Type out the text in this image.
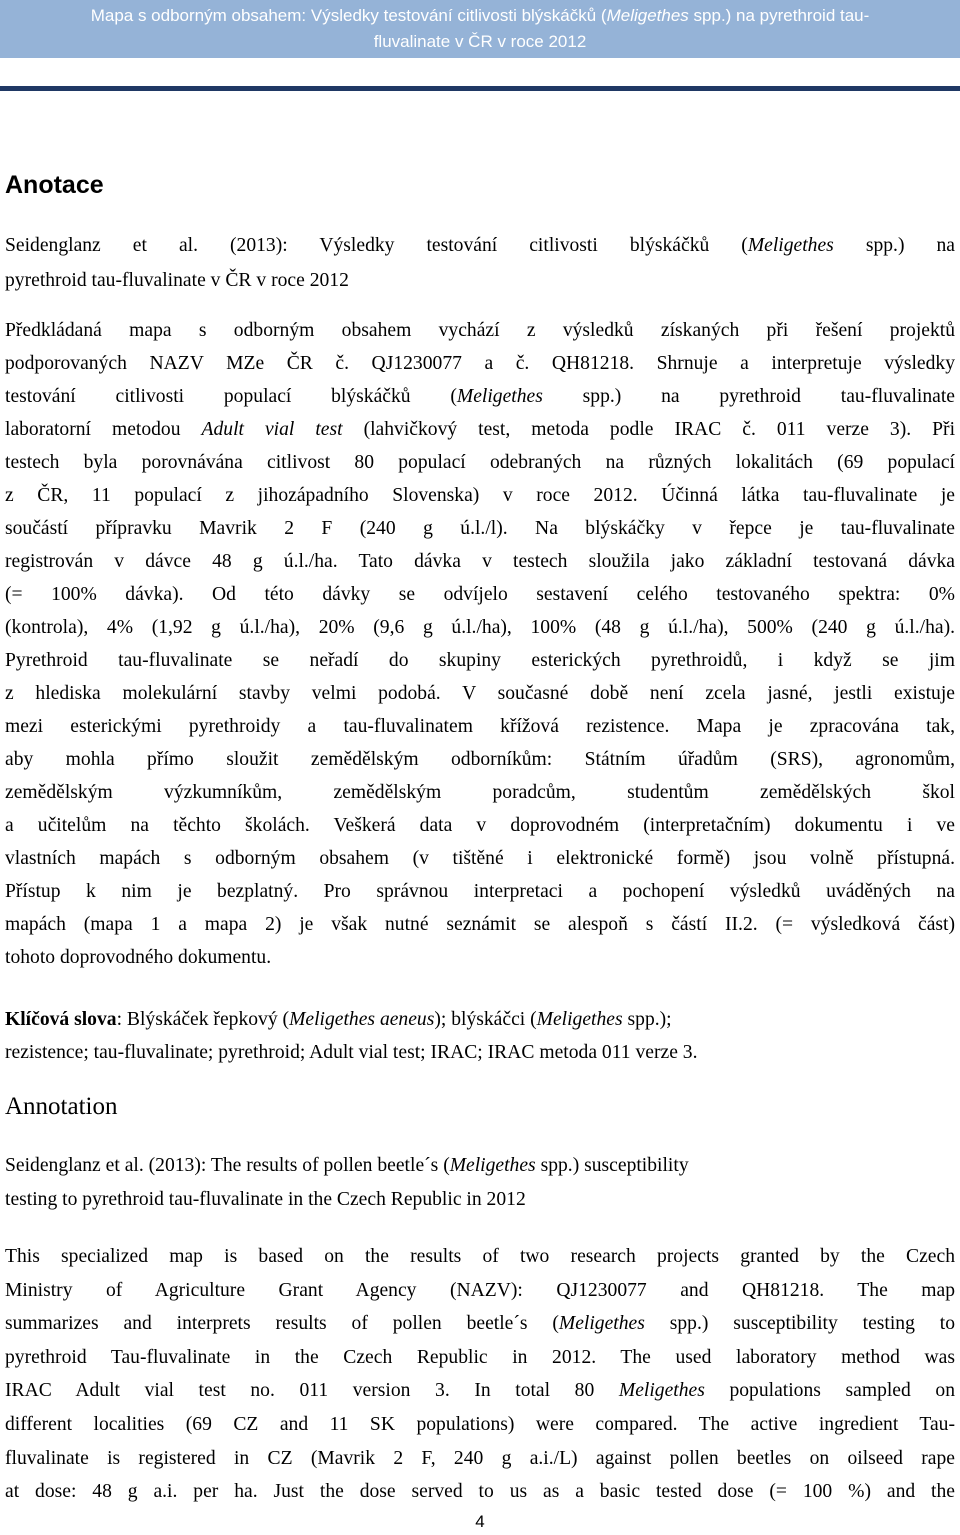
Mapa s odborným obsahem: Výsledky testování citlivosti blýskáčků (Meligethes spp.) na pyrethroid tau-
fluvalinate v ČR v roce 2012
Anotace
Seidenglanz et al. (2013): Výsledky testování citlivosti blýskáčků (Meligethes spp.) na
pyrethroid tau-fluvalinate v ČR v roce 2012
Předkládaná mapa s odborným obsahem vychází z výsledků získaných při řešení projektů
podporovaných NAZV MZe ČR č. QJ1230077 a č. QH81218. Shrnuje a interpretuje výsledky
testování citlivosti populací blýskáčků (Meligethes spp.) na pyrethroid tau-fluvalinate
laboratorní metodou Adult vial test (lahvičkový test, metoda podle IRAC č. 011 verze 3). Při
testech byla porovnávána citlivost 80 populací odebraných na různých lokalitách (69 populací
z ČR, 11 populací z jihozápadního Slovenska) v roce 2012. Účinná látka tau-fluvalinate je
součástí přípravku Mavrik 2 F (240 g ú.l./l). Na blýskáčky v řepce je tau-fluvalinate
registrován v dávce 48 g ú.l./ha. Tato dávka v testech sloužila jako základní testovaná dávka
(= 100% dávka). Od této dávky se odvíjelo sestavení celého testovaného spektra: 0%
(kontrola), 4% (1,92 g ú.l./ha), 20% (9,6 g ú.l./ha), 100% (48 g ú.l./ha), 500% (240 g ú.l./ha).
Pyrethroid tau-fluvalinate se neřadí do skupiny esterických pyrethroidů, i když se jim
z hlediska molekulární stavby velmi podobá. V současné době není zcela jasné, jestli existuje
mezi esterickými pyrethroidy a tau-fluvalinatem křížová rezistence. Mapa je zpracována tak,
aby mohla přímo sloužit zemědělským odborníkům: Státním úřadům (SRS), agronomům,
zemědělským výzkumníkům, zemědělským poradcům, studentům zemědělských škol
a učitelům na těchto školách. Veškerá data v doprovodném (interpretačním) dokumentu i ve
vlastních mapách s odborným obsahem (v tištěné i elektronické formě) jsou volně přístupná.
Přístup k nim je bezplatný. Pro správnou interpretaci a pochopení výsledků uváděných na
mapách (mapa 1 a mapa 2) je však nutné seznámit se alespoň s částí II.2. (= výsledková část)
tohoto doprovodného dokumentu.
Klíčová slova: Blýskáček řepkový (Meligethes aeneus); blýskáčci (Meligethes spp.);
rezistence; tau-fluvalinate; pyrethroid; Adult vial test; IRAC; IRAC metoda 011 verze 3.
Annotation
Seidenglanz et al. (2013): The results of pollen beetle´s (Meligethes spp.) susceptibility
testing to pyrethroid tau-fluvalinate in the Czech Republic in 2012
This specialized map is based on the results of two research projects granted by the Czech
Ministry of Agriculture Grant Agency (NAZV): QJ1230077 and QH81218. The map
summarizes and interprets results of pollen beetle´s (Meligethes spp.) susceptibility testing to
pyrethroid Tau-fluvalinate in the Czech Republic in 2012. The used laboratory method was
IRAC Adult vial test no. 011 version 3. In total 80 Meligethes populations sampled on
different localities (69 CZ and 11 SK populations) were compared. The active ingredient Tau-
fluvalinate is registered in CZ (Mavrik 2 F, 240 g a.i./L) against pollen beetles on oilseed rape
at dose: 48 g a.i. per ha. Just the dose served to us as a basic tested dose (= 100 %) and the
4
